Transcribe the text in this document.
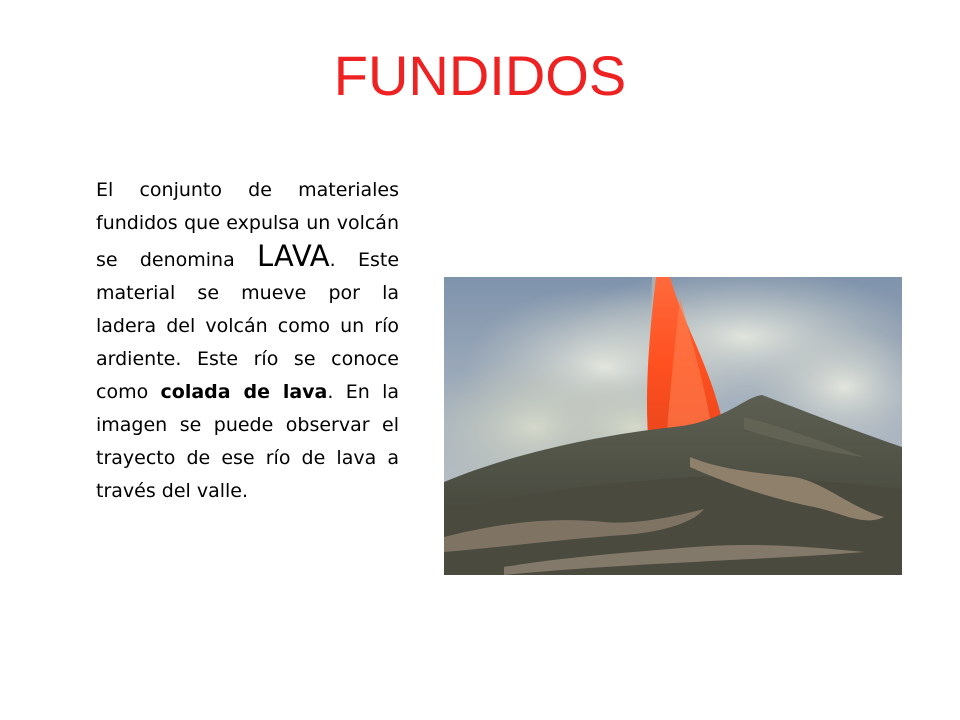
FUNDIDOS
El conjunto de materiales fundidos que expulsa un volcán se denomina LAVA. Este material se mueve por la ladera del volcán como un río ardiente. Este río se conoce como colada de lava. En la imagen se puede observar el trayecto de ese río de lava a través del valle.
